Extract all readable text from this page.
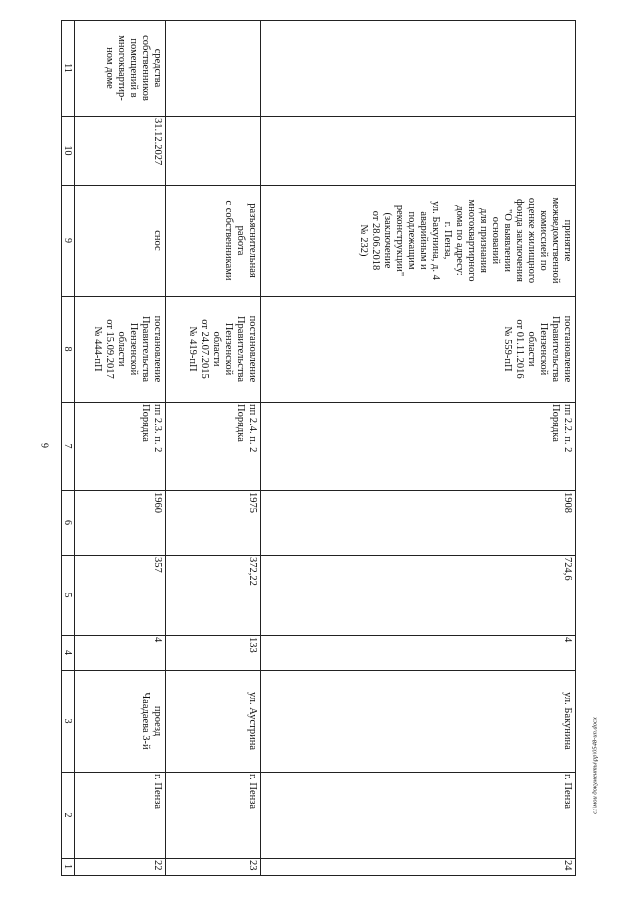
6
1
2
3
4
5
6
7
8
9
10
11
22
г. Пенза
проезд
Чаадаева 3-й
4
357
1960
пп 2.3. п. 2
Порядка
постановление
Правительства
Пензенской
области
от 15.09.2017
№ 444-пП
снос
31.12.2027
средства
собственников
помещений в
многоквартир-
ном доме
23
г. Пенза
ул. Аустрина
133
372,22
1975
пп 2.4. п. 2
Порядка
постановление
Правительства
Пензенской
области
от 24.07.2015
№ 419-пП
разъяснительная
работа
с собственниками
24
г. Пенза
ул. Бакунина
4
724,6
1908
пп 2.2. п. 2
Порядка
постановление
Правительства
Пензенской
области
от 01.11.2016
№ 559-пП
принятие
межведомственной
комиссией по
оценке жилищного
фонда заключения
"О выявлении
оснований
для признания
многоквартирного
дома по адресу:
г. Пенза,
ул. Бакунина, д. 4
аварийным и
подлежащим
реконструкции"
(заключение
от 28.06.2018
№ 232)
с:\мои документы\pp\0548-ип.docx
